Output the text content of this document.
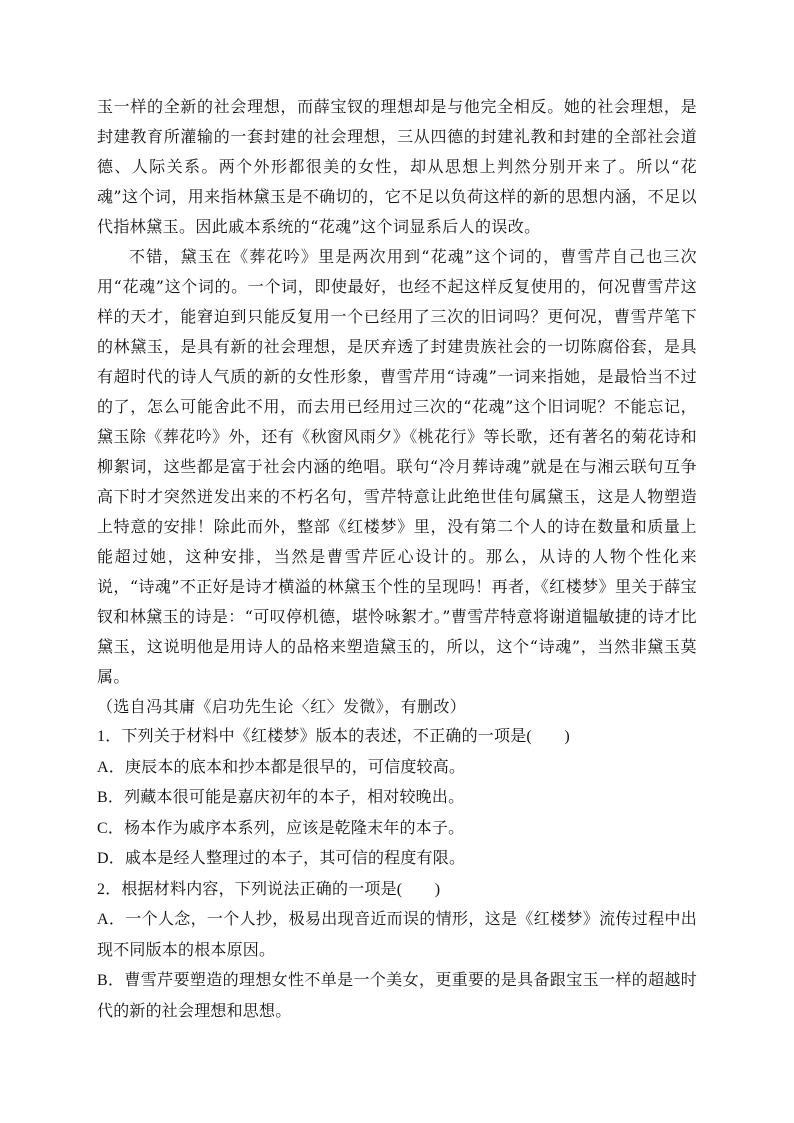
玉一样的全新的社会理想，而薛宝钗的理想却是与他完全相反。她的社会理想，是封建教育所灌输的一套封建的社会理想，三从四德的封建礼教和封建的全部社会道德、人际关系。两个外形都很美的女性，却从思想上判然分别开来了。所以“花魂”这个词，用来指林黛玉是不确切的，它不足以负荷这样的新的思想内涵，不足以代指林黛玉。因此戚本系统的“花魂”这个词显系后人的误改。

不错，黛玉在《葬花吟》里是两次用到“花魂”这个词的，曹雪芹自己也三次用“花魂”这个词的。一个词，即使最好，也经不起这样反复使用的，何况曹雪芹这样的天才，能窘迫到只能反复用一个已经用了三次的旧词吗？更何况，曹雪芹笔下的林黛玉，是具有新的社会理想，是厌弃透了封建贵族社会的一切陈腐俗套，是具有超时代的诗人气质的新的女性形象，曹雪芹用“诗魂”一词来指她，是最恰当不过的了，怎么可能舍此不用，而去用已经用过三次的“花魂”这个旧词呢？不能忘记，黛玉除《葬花吟》外，还有《秋窗风雨夕》《桃花行》等长歌，还有著名的菊花诗和柳絮词，这些都是富于社会内涵的绝唱。联句“冷月葬诗魂”就是在与湘云联句互争高下时才突然迸发出来的不朽名句，雪芹特意让此绝世佳句属黛玉，这是人物塑造上特意的安排！除此而外，整部《红楼梦》里，没有第二个人的诗在数量和质量上能超过她，这种安排，当然是曹雪芹匠心设计的。那么，从诗的人物个性化来说，“诗魂”不正好是诗才横溢的林黛玉个性的呈现吗！再者，《红楼梦》里关于薛宝钗和林黛玉的诗是：“可叹停机德，堪怜咏絮才。”曹雪芹特意将谢道韫敏捷的诗才比黛玉，这说明他是用诗人的品格来塑造黛玉的，所以，这个“诗魂”，当然非黛玉莫属。

（选自冯其庸《启功先生论〈红〉发微》，有删改）

1．下列关于材料中《红楼梦》版本的表述，不正确的一项是(　　)

A．庚辰本的底本和抄本都是很早的，可信度较高。

B．列藏本很可能是嘉庆初年的本子，相对较晚出。

C．杨本作为戚序本系列，应该是乾隆末年的本子。

D．戚本是经人整理过的本子，其可信的程度有限。

2．根据材料内容，下列说法正确的一项是(　　)

A．一个人念，一个人抄，极易出现音近而误的情形，这是《红楼梦》流传过程中出现不同版本的根本原因。

B．曹雪芹要塑造的理想女性不单是一个美女，更重要的是具备跟宝玉一样的超越时代的新的社会理想和思想。
